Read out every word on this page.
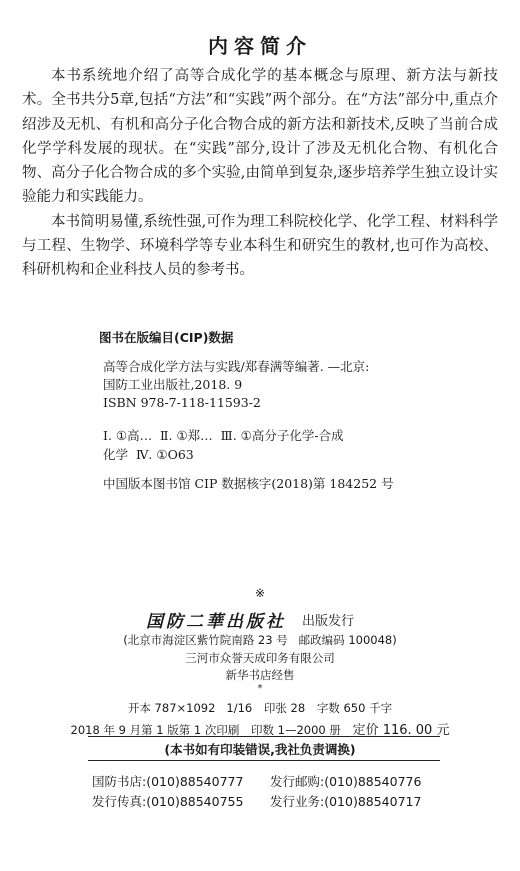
内容简介

本书系统地介绍了高等合成化学的基本概念与原理、新方法与新技术。全书共分5章,包括“方法”和“实践”两个部分。在“方法”部分中,重点介绍涉及无机、有机和高分子化合物合成的新方法和新技术,反映了当前合成化学学科发展的现状。在“实践”部分,设计了涉及无机化合物、有机化合物、高分子化合物合成的多个实验,由简单到复杂,逐步培养学生独立设计实验能力和实践能力。

本书简明易懂,系统性强,可作为理工科院校化学、化学工程、材料科学与工程、生物学、环境科学等专业本科生和研究生的教材,也可作为高校、科研机构和企业科技人员的参考书。

图书在版编目(CIP)数据
高等合成化学方法与实践/郑春满等编著. —北京:
国防工业出版社,2018. 9
ISBN 978-7-118-11593-2
Ⅰ. ①高…  Ⅱ. ①郑…  Ⅲ. ①高分子化学-合成
化学  Ⅳ. ①O63
中国版本图书馆 CIP 数据核字(2018)第 184252 号
※
国防二華出版社 出版发行
(北京市海淀区紫竹院南路 23 号   邮政编码 100048)
三河市众誉天成印务有限公司
新华书店经售
*
开本 787×1092   1/16 印张 28 字数 650 千字
2018 年 9 月第 1 版第 1 次印刷 印数 1—2000 册 定价 116. 00 元
(本书如有印装错误,我社负责调换)
国防书店:(010)88540777 发行邮购:(010)88540776
发行传真:(010)88540755 发行业务:(010)88540717
